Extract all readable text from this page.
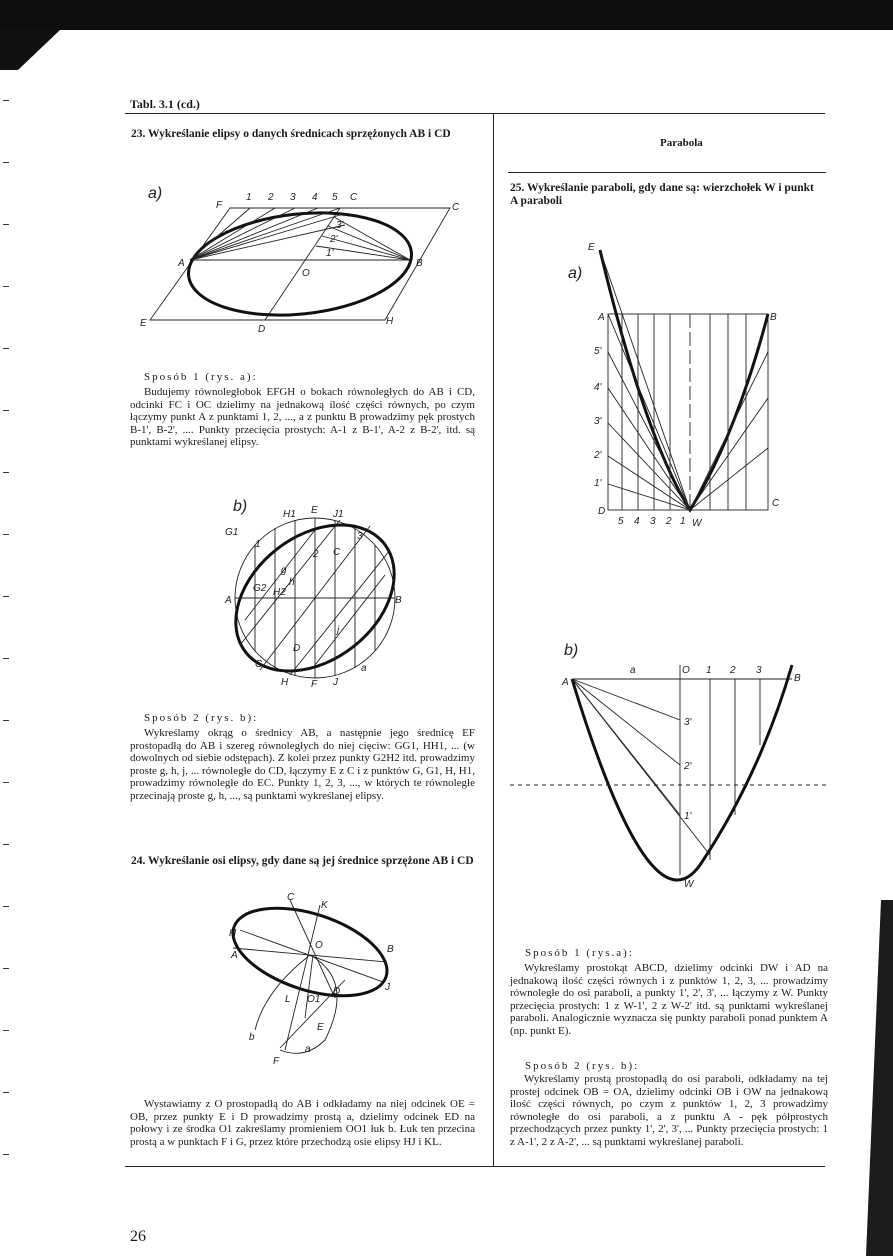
Tabl. 3.1 (cd.)
23. Wykreślanie elipsy o danych średnicach sprzężonych AB i CD
a)
F
1 2 3 4 5 C
C
A
O
B
E
D
H
1'
2'
3'
Sposób 1 (rys. a):
Budujemy równoległobok EFGH o bokach równoległych do AB i CD, odcinki FC i OC dzielimy na jednakową ilość części równych, po czym łączymy punkt A z punktami 1, 2, ..., a z punktu B prowadzimy pęk prostych B-1', B-2', .... Punkty przecięcia prostych: A-1 z B-1', A-2 z B-2', itd. są punktami wykreślanej elipsy.
b)	H1 E J1
G1
1
2 C
3
A
G2 H2
h
g
B
j
D
G
H F J
a
Sposób 2 (rys. b):
Wykreślamy okrąg o średnicy AB, a następnie jego średnicę EF prostopadłą do AB i szereg równoległych do niej cięciw: GG1, HH1, ... (w dowolnych od siebie odstępach). Z kolei przez punkty G2H2 itd. prowadzimy proste g, h, j, ... równoległe do CD, łączymy E z C i z punktów G, G1, H, H1, prowadzimy równoległe do EC. Punkty 1, 2, 3, ..., w których te równoległe przecinają proste g, h, ..., są punktami wykreślanej elipsy.
24. Wykreślanie osi elipsy, gdy dane są jej średnice sprzężone AB i CD
C
K
H
A
O	B
D	J
L O1
E
b
F
a
Wystawiamy z O prostopadłą do AB i odkładamy na niej odcinek OE = OB, przez punkty E i D prowadzimy prostą a, dzielimy odcinek ED na połowy i ze środka O1 zakreślamy promieniem OO1 łuk b. Łuk ten przecina prostą a w punktach F i G, przez które przechodzą osie elipsy HJ i KL.
Parabola
25. Wykreślanie paraboli, gdy dane są: wierzchołek W i punkt A paraboli
a)
E
A	B
5'
4'
3'
2'
1'
D
5 4 3 2 1 W
C
b)
A
a	O 1 2 3
B
3'
2'
1'
W
Sposób 1 (rys.a):
Wykreślamy prostokąt ABCD, dzielimy odcinki DW i AD na jednakową ilość części równych i z punktów 1, 2, 3, ... prowadzimy równoległe do osi paraboli, a punkty 1', 2', 3', ... łączymy z W. Punkty przecięcia prostych: 1 z W-1', 2 z W-2' itd. są punktami wykreślanej paraboli. Analogicznie wyznacza się punkty paraboli ponad punktem A (np. punkt E).
Sposób 2 (rys. b):
Wykreślamy prostą prostopadłą do osi paraboli, odkładamy na tej prostej odcinek OB = OA, dzielimy odcinki OB i OW na jednakową ilość części równych, po czym z punktów 1, 2, 3 prowadzimy równoległe do osi paraboli, a z punktu A - pęk półprostych przechodzących przez punkty 1', 2', 3', ... Punkty przecięcia prostych: 1 z A-1', 2 z A-2', ... są punktami wykreślanej paraboli.
26
